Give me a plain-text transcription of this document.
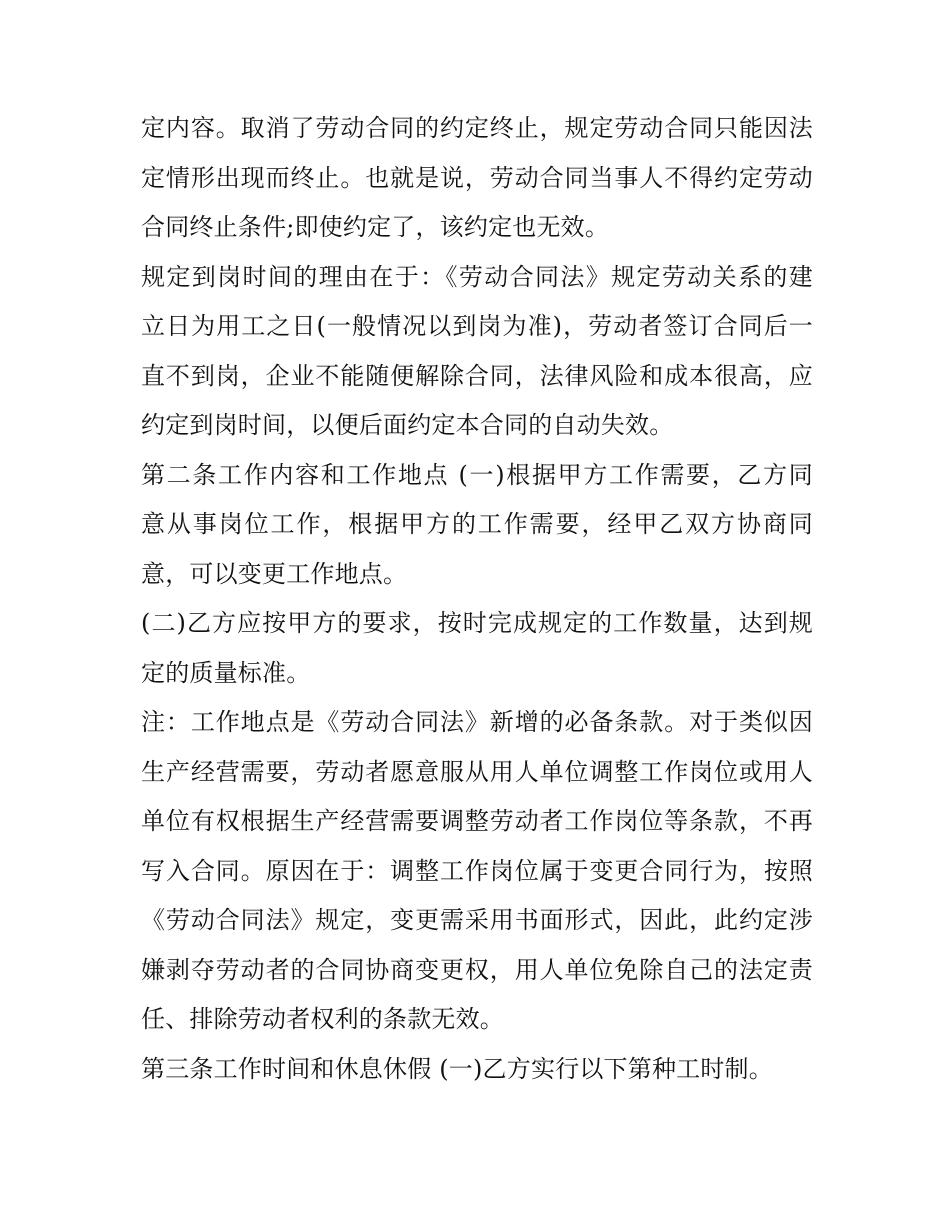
定内容。取消了劳动合同的约定终止，规定劳动合同只能因法
定情形出现而终止。也就是说，劳动合同当事人不得约定劳动
合同终止条件;即使约定了，该约定也无效。
规定到岗时间的理由在于：《劳动合同法》规定劳动关系的建
立日为用工之日(一般情况以到岗为准)，劳动者签订合同后一
直不到岗，企业不能随便解除合同，法律风险和成本很高，应
约定到岗时间，以便后面约定本合同的自动失效。
第二条工作内容和工作地点 (一)根据甲方工作需要，乙方同
意从事岗位工作，根据甲方的工作需要，经甲乙双方协商同
意，可以变更工作地点。
(二)乙方应按甲方的要求，按时完成规定的工作数量，达到规
定的质量标准。
注：工作地点是《劳动合同法》新增的必备条款。对于类似因
生产经营需要，劳动者愿意服从用人单位调整工作岗位或用人
单位有权根据生产经营需要调整劳动者工作岗位等条款，不再
写入合同。原因在于：调整工作岗位属于变更合同行为，按照
《劳动合同法》规定，变更需采用书面形式，因此，此约定涉
嫌剥夺劳动者的合同协商变更权，用人单位免除自己的法定责
任、排除劳动者权利的条款无效。
第三条工作时间和休息休假 (一)乙方实行以下第种工时制。
